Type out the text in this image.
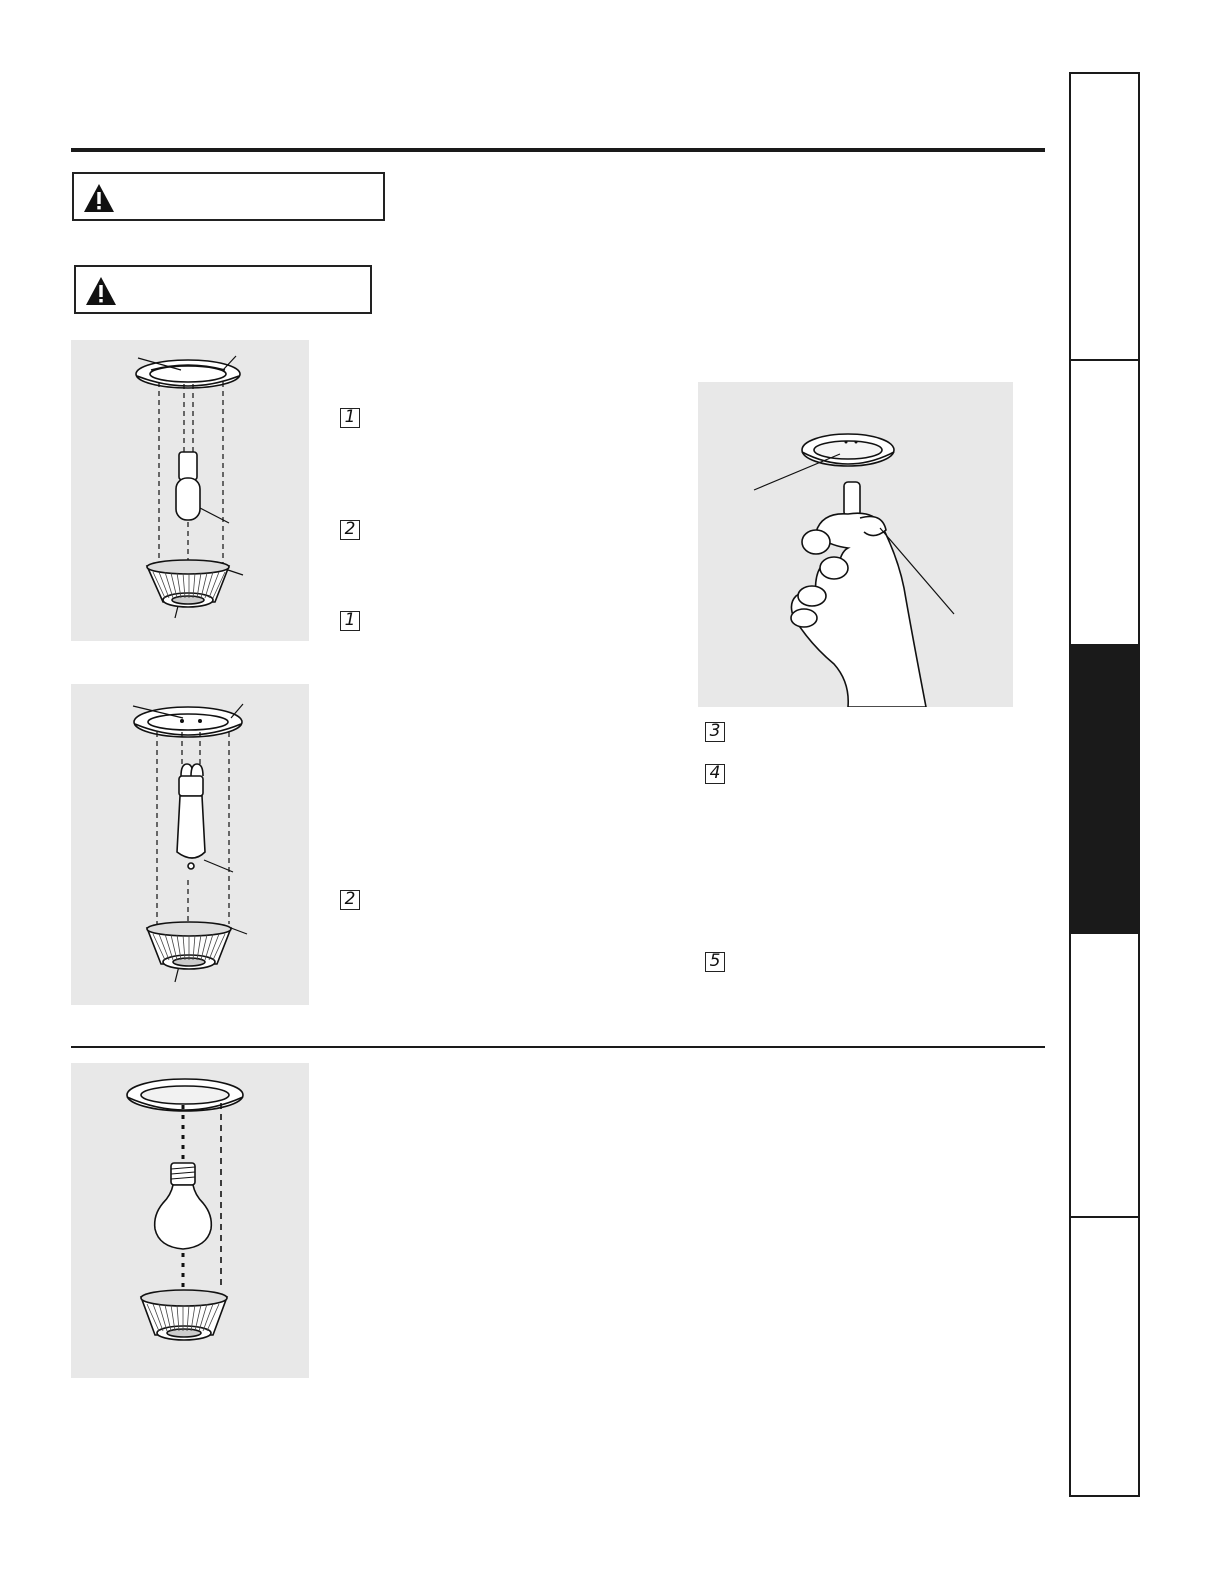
1
2
1
2
3
4
5
